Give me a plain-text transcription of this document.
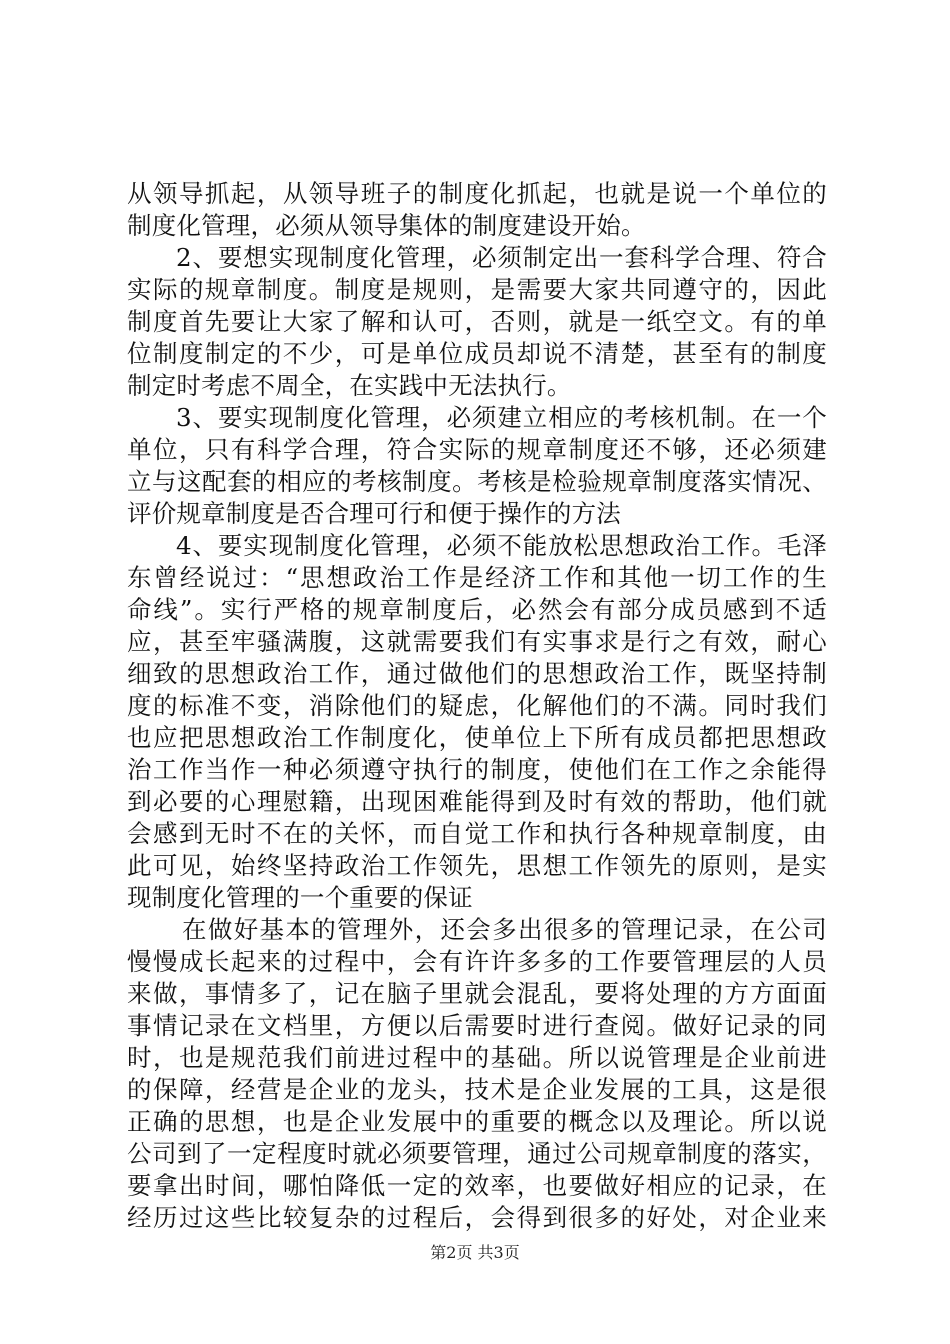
从领导抓起，从领导班子的制度化抓起，也就是说一个单位的
制度化管理，必须从领导集体的制度建设开始。
2、要想实现制度化管理，必须制定出一套科学合理、符合
实际的规章制度。制度是规则，是需要大家共同遵守的，因此
制度首先要让大家了解和认可，否则，就是一纸空文。有的单
位制度制定的不少，可是单位成员却说不清楚，甚至有的制度
制定时考虑不周全，在实践中无法执行。
3、要实现制度化管理，必须建立相应的考核机制。在一个
单位，只有科学合理，符合实际的规章制度还不够，还必须建
立与这配套的相应的考核制度。考核是检验规章制度落实情况、
评价规章制度是否合理可行和便于操作的方法
4、要实现制度化管理，必须不能放松思想政治工作。毛泽
东曾经说过：“思想政治工作是经济工作和其他一切工作的生
命线”。实行严格的规章制度后，必然会有部分成员感到不适
应，甚至牢骚满腹，这就需要我们有实事求是行之有效，耐心
细致的思想政治工作，通过做他们的思想政治工作，既坚持制
度的标准不变，消除他们的疑虑，化解他们的不满。同时我们
也应把思想政治工作制度化，使单位上下所有成员都把思想政
治工作当作一种必须遵守执行的制度，使他们在工作之余能得
到必要的心理慰籍，出现困难能得到及时有效的帮助，他们就
会感到无时不在的关怀，而自觉工作和执行各种规章制度，由
此可见，始终坚持政治工作领先，思想工作领先的原则，是实
现制度化管理的一个重要的保证
在做好基本的管理外，还会多出很多的管理记录，在公司
慢慢成长起来的过程中，会有许许多多的工作要管理层的人员
来做，事情多了，记在脑子里就会混乱，要将处理的方方面面
事情记录在文档里，方便以后需要时进行查阅。做好记录的同
时，也是规范我们前进过程中的基础。所以说管理是企业前进
的保障，经营是企业的龙头，技术是企业发展的工具，这是很
正确的思想，也是企业发展中的重要的概念以及理论。所以说
公司到了一定程度时就必须要管理，通过公司规章制度的落实，
要拿出时间，哪怕降低一定的效率，也要做好相应的记录，在
经历过这些比较复杂的过程后，会得到很多的好处，对企业来
第2页 共3页
